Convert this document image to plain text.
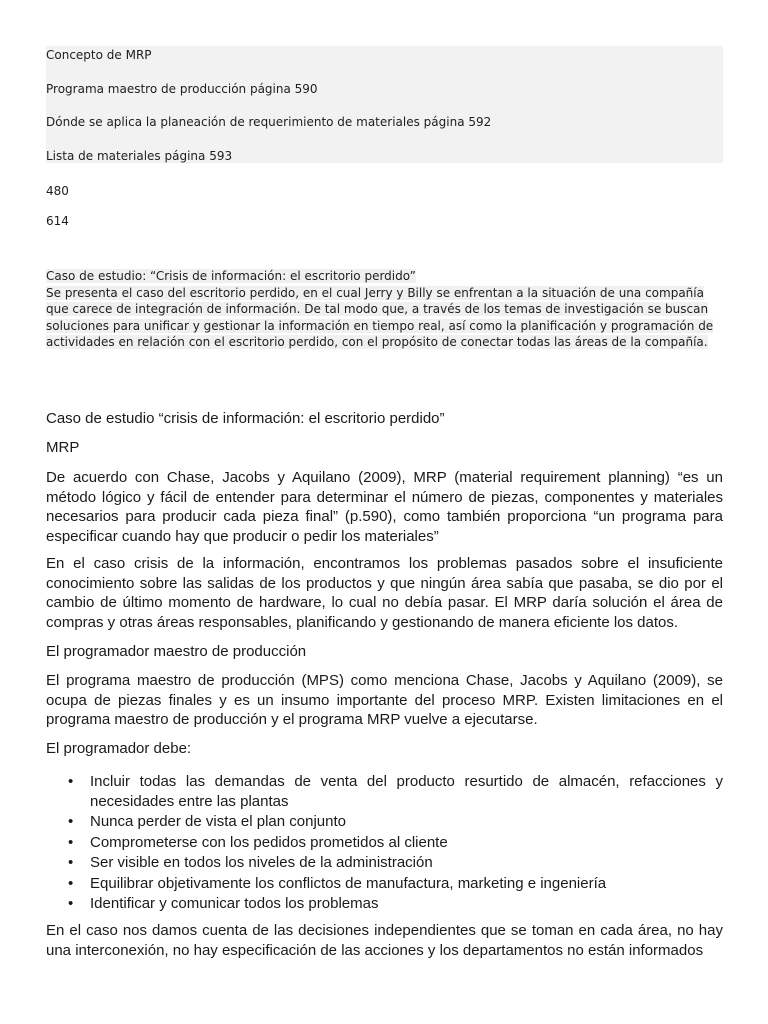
Concepto de MRP
Programa maestro de producción página 590
Dónde se aplica la planeación de requerimiento de materiales página 592
Lista de materiales página 593
480
614
Caso de estudio: “Crisis de información: el escritorio perdido”
Se presenta el caso del escritorio perdido, en el cual Jerry y Billy se enfrentan a la situación de una compañía que carece de integración de información. De tal modo que, a través de los temas de investigación se buscan soluciones para unificar y gestionar la información en tiempo real, así como la planificación y programación de actividades en relación con el escritorio perdido, con el propósito de conectar todas las áreas de la compañía.
Caso de estudio “crisis de información: el escritorio perdido”
MRP
De acuerdo con Chase, Jacobs y Aquilano (2009), MRP (material requirement planning) “es un método lógico y fácil de entender para determinar el número de piezas, componentes y materiales necesarios para producir cada pieza final” (p.590), como también proporciona “un programa para especificar cuando hay que producir o pedir los materiales”
En el caso crisis de la información, encontramos los problemas pasados sobre el insuficiente conocimiento sobre las salidas de los productos y que ningún área sabía que pasaba, se dio por el cambio de último momento de hardware, lo cual no debía pasar. El MRP daría solución el área de compras y otras áreas responsables, planificando y gestionando de manera eficiente los datos.
El programador maestro de producción
El programa maestro de producción (MPS) como menciona Chase, Jacobs y Aquilano (2009), se ocupa de piezas finales y es un insumo importante del proceso MRP. Existen limitaciones en el programa maestro de producción y el programa MRP vuelve a ejecutarse.
El programador debe:
• Incluir todas las demandas de venta del producto resurtido de almacén, refacciones y necesidades entre las plantas
• Nunca perder de vista el plan conjunto
• Comprometerse con los pedidos prometidos al cliente
• Ser visible en todos los niveles de la administración
• Equilibrar objetivamente los conflictos de manufactura, marketing e ingeniería
• Identificar y comunicar todos los problemas
En el caso nos damos cuenta de las decisiones independientes que se toman en cada área, no hay una interconexión, no hay especificación de las acciones y los departamentos no están informados
